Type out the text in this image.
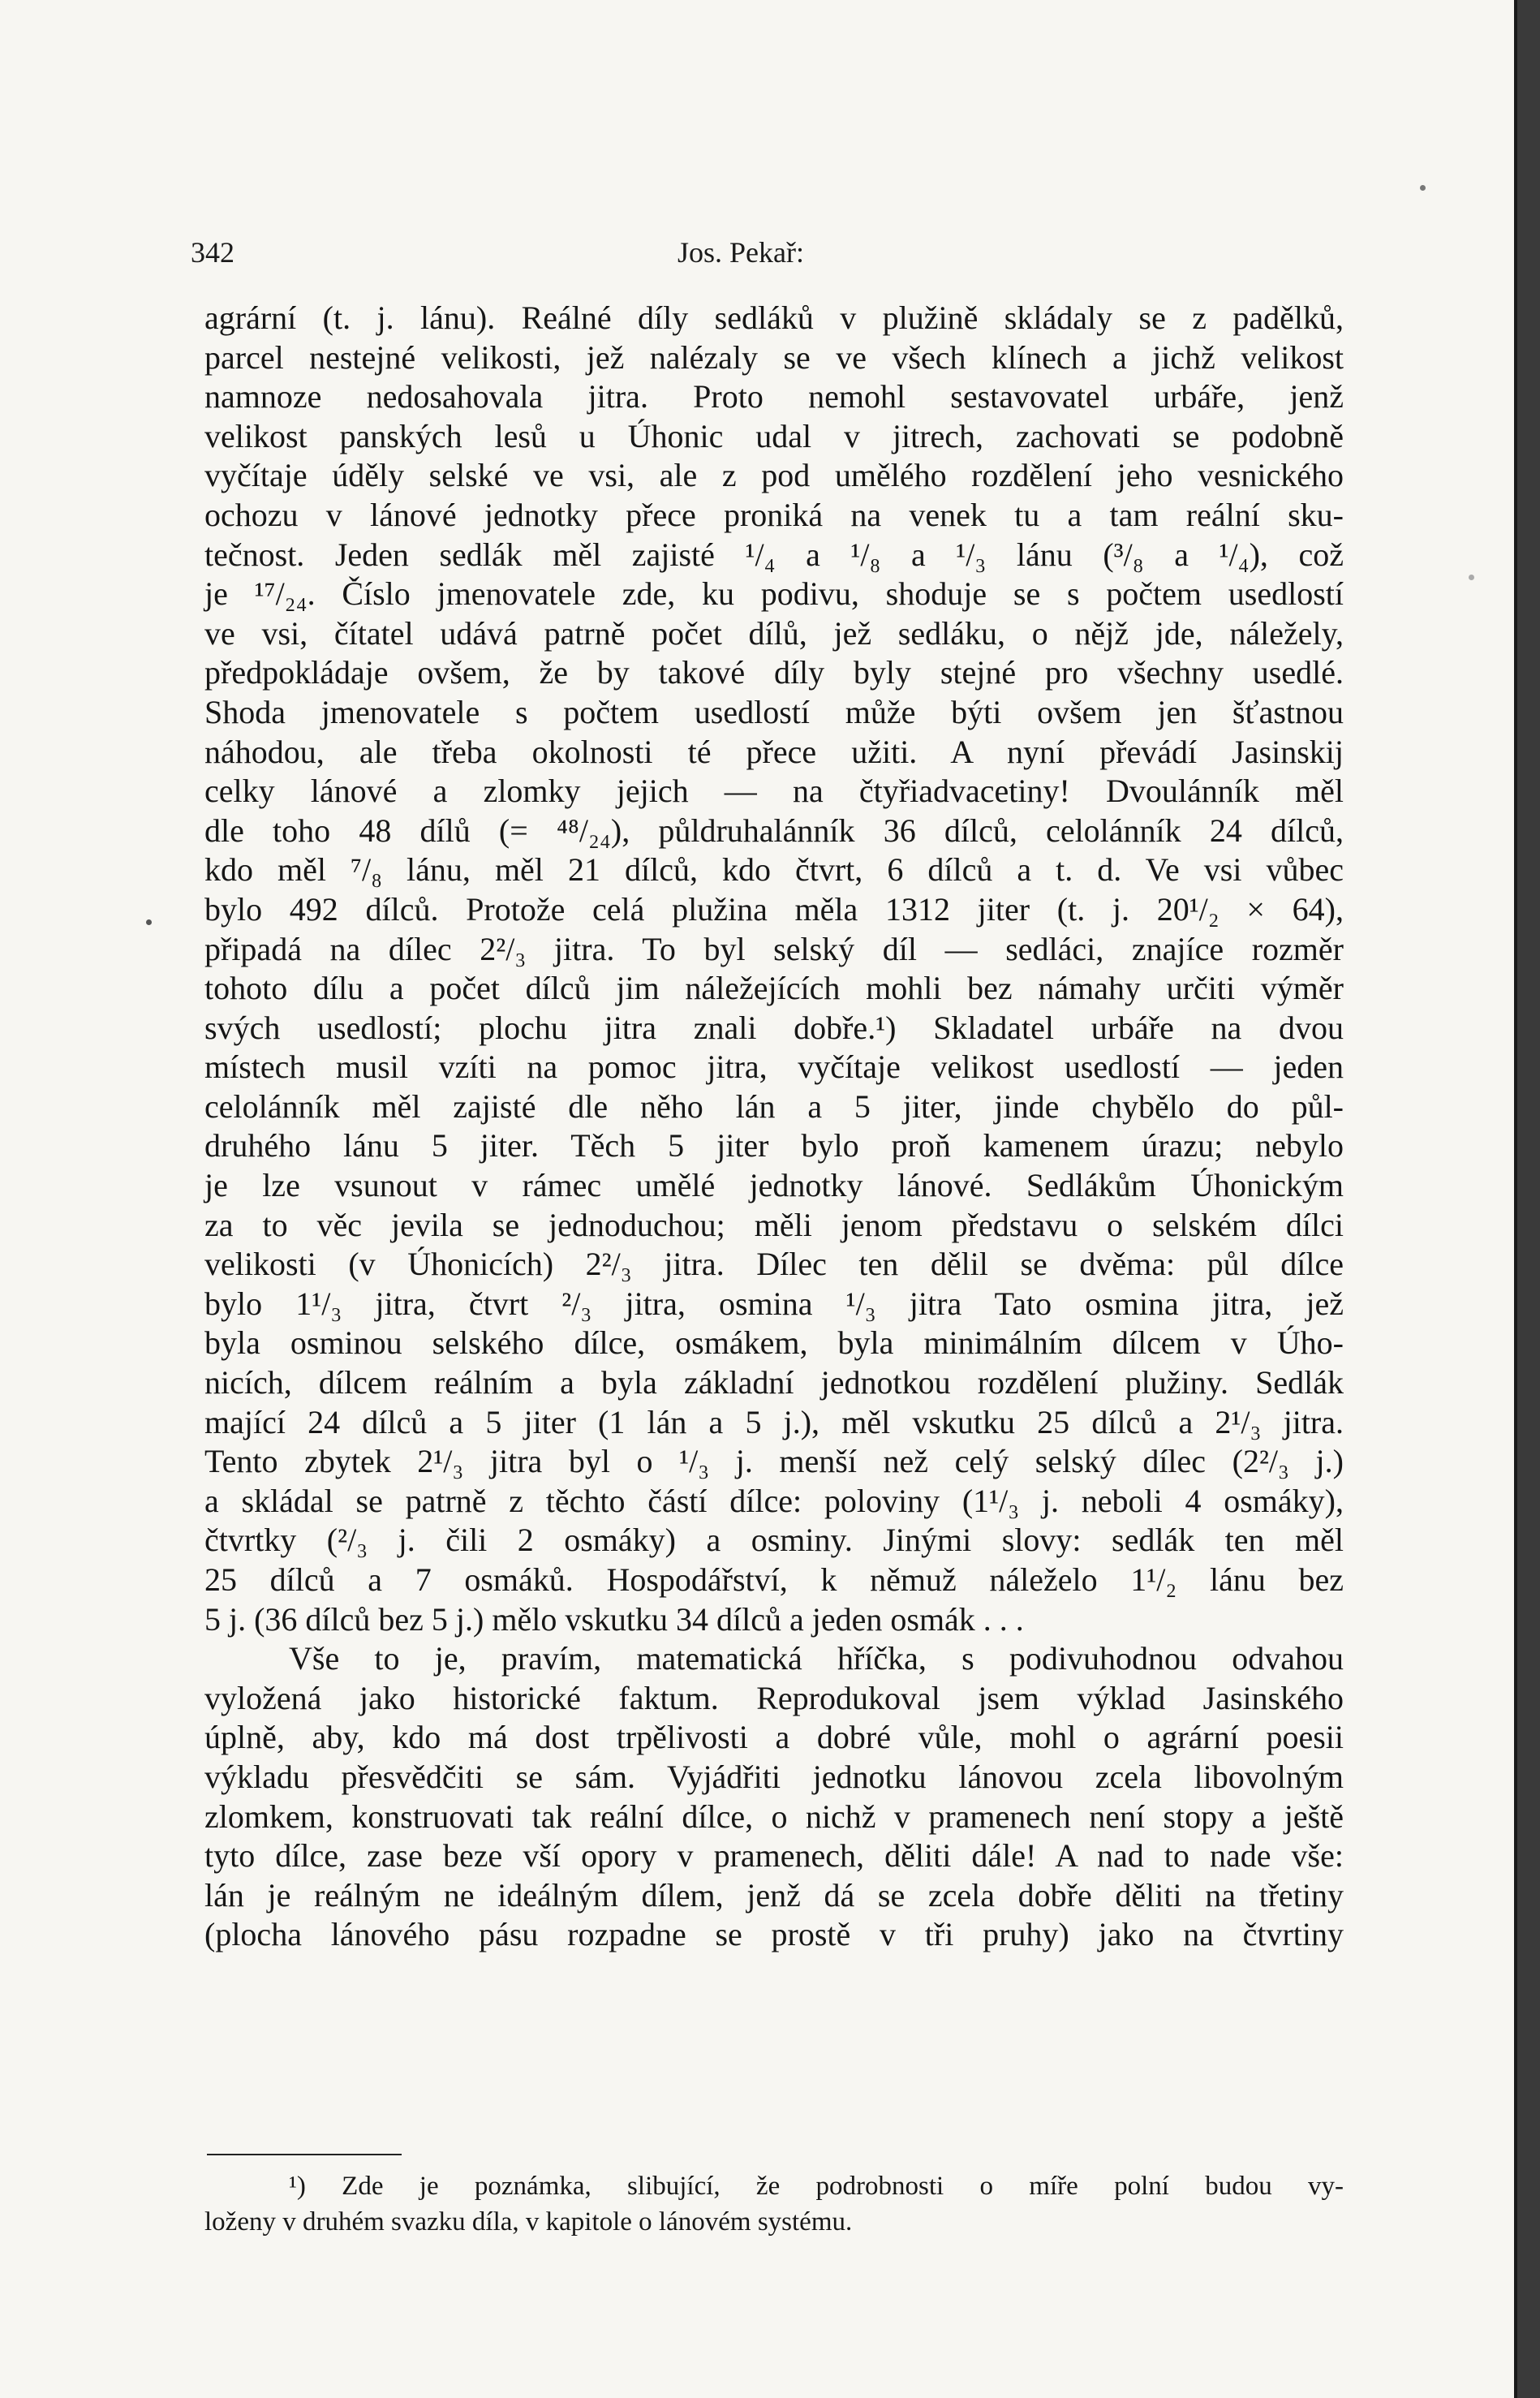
342	Jos. Pekař:
agrární (t. j. lánu). Reálné díly sedláků v plužině skládaly se z padělků,
parcel nestejné velikosti, jež nalézaly se ve všech klínech a jichž velikost
namnoze nedosahovala jitra. Proto nemohl sestavovatel urbáře, jenž
velikost panských lesů u Úhonic udal v jitrech, zachovati se podobně
vyčítaje úděly selské ve vsi, ale z pod umělého rozdělení jeho vesnického
ochozu v lánové jednotky přece proniká na venek tu a tam reální sku-
tečnost. Jeden sedlák měl zajisté ¹/₄ a ¹/₈ a ¹/₃ lánu (³/₈ a ¹/₄), což
je ¹⁷/₂₄. Číslo jmenovatele zde, ku podivu, shoduje se s počtem usedlostí
ve vsi, čítatel udává patrně počet dílů, jež sedláku, o nějž jde, náležely,
předpokládaje ovšem, že by takové díly byly stejné pro všechny usedlé.
Shoda jmenovatele s počtem usedlostí může býti ovšem jen šťastnou
náhodou, ale třeba okolnosti té přece užiti. A nyní převádí Jasinskij
celky lánové a zlomky jejich — na čtyřiadvacetiny! Dvoulánník měl
dle toho 48 dílů (= ⁴⁸/₂₄), půldruhalánník 36 dílců, celolánník 24 dílců,
kdo měl ⁷/₈ lánu, měl 21 dílců, kdo čtvrt, 6 dílců a t. d. Ve vsi vůbec
bylo 492 dílců. Protože celá plužina měla 1312 jiter (t. j. 20¹/₂ × 64),
připadá na dílec 2²/₃ jitra. To byl selský díl — sedláci, znajíce rozměr
tohoto dílu a počet dílců jim náležejících mohli bez námahy určiti výměr
svých usedlostí; plochu jitra znali dobře.¹) Skladatel urbáře na dvou
místech musil vzíti na pomoc jitra, vyčítaje velikost usedlostí — jeden
celolánník měl zajisté dle něho lán a 5 jiter, jinde chybělo do půl-
druhého lánu 5 jiter. Těch 5 jiter bylo proň kamenem úrazu; nebylo
je lze vsunout v rámec umělé jednotky lánové. Sedlákům Úhonickým
za to věc jevila se jednoduchou; měli jenom představu o selském dílci
velikosti (v Úhonicích) 2²/₃ jitra. Dílec ten dělil se dvěma: půl dílce
bylo 1¹/₃ jitra, čtvrt ²/₃ jitra, osmina ¹/₃ jitra Tato osmina jitra, jež
byla osminou selského dílce, osmákem, byla minimálním dílcem v Úho-
nicích, dílcem reálním a byla základní jednotkou rozdělení plužiny. Sedlák
mající 24 dílců a 5 jiter (1 lán a 5 j.), měl vskutku 25 dílců a 2¹/₃ jitra.
Tento zbytek 2¹/₃ jitra byl o ¹/₃ j. menší než celý selský dílec (2²/₃ j.)
a skládal se patrně z těchto částí dílce: poloviny (1¹/₃ j. neboli 4 osmáky),
čtvrtky (²/₃ j. čili 2 osmáky) a osminy. Jinými slovy: sedlák ten měl
25 dílců a 7 osmáků. Hospodářství, k němuž náleželo 1¹/₂ lánu bez
5 j. (36 dílců bez 5 j.) mělo vskutku 34 dílců a jeden osmák . . .
Vše to je, pravím, matematická hříčka, s podivuhodnou odvahou
vyložená jako historické faktum. Reprodukoval jsem výklad Jasinského
úplně, aby, kdo má dost trpělivosti a dobré vůle, mohl o agrární poesii
výkladu přesvědčiti se sám. Vyjádřiti jednotku lánovou zcela libovolným
zlomkem, konstruovati tak reální dílce, o nichž v pramenech není stopy a ještě
tyto dílce, zase beze vší opory v pramenech, děliti dále! A nad to nade vše:
lán je reálným ne ideálným dílem, jenž dá se zcela dobře děliti na třetiny
(plocha lánového pásu rozpadne se prostě v tři pruhy) jako na čtvrtiny
¹) Zde je poznámka, slibující, že podrobnosti o míře polní budou vy-
loženy v druhém svazku díla, v kapitole o lánovém systému.
